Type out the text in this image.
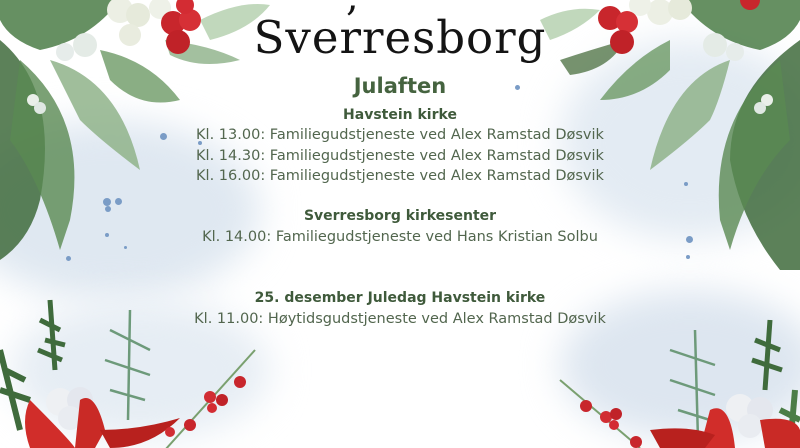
Sverresborg
Julaften
Havstein kirke
Kl. 13.00: Familiegudstjeneste ved Alex Ramstad Døsvik
Kl. 14.30: Familiegudstjeneste ved Alex Ramstad Døsvik
Kl. 16.00: Familiegudstjeneste ved Alex Ramstad Døsvik
Sverresborg kirkesenter
Kl. 14.00: Familiegudstjeneste ved Hans Kristian Solbu
25. desember Juledag Havstein kirke
Kl. 11.00: Høytidsgudstjeneste ved Alex Ramstad Døsvik
